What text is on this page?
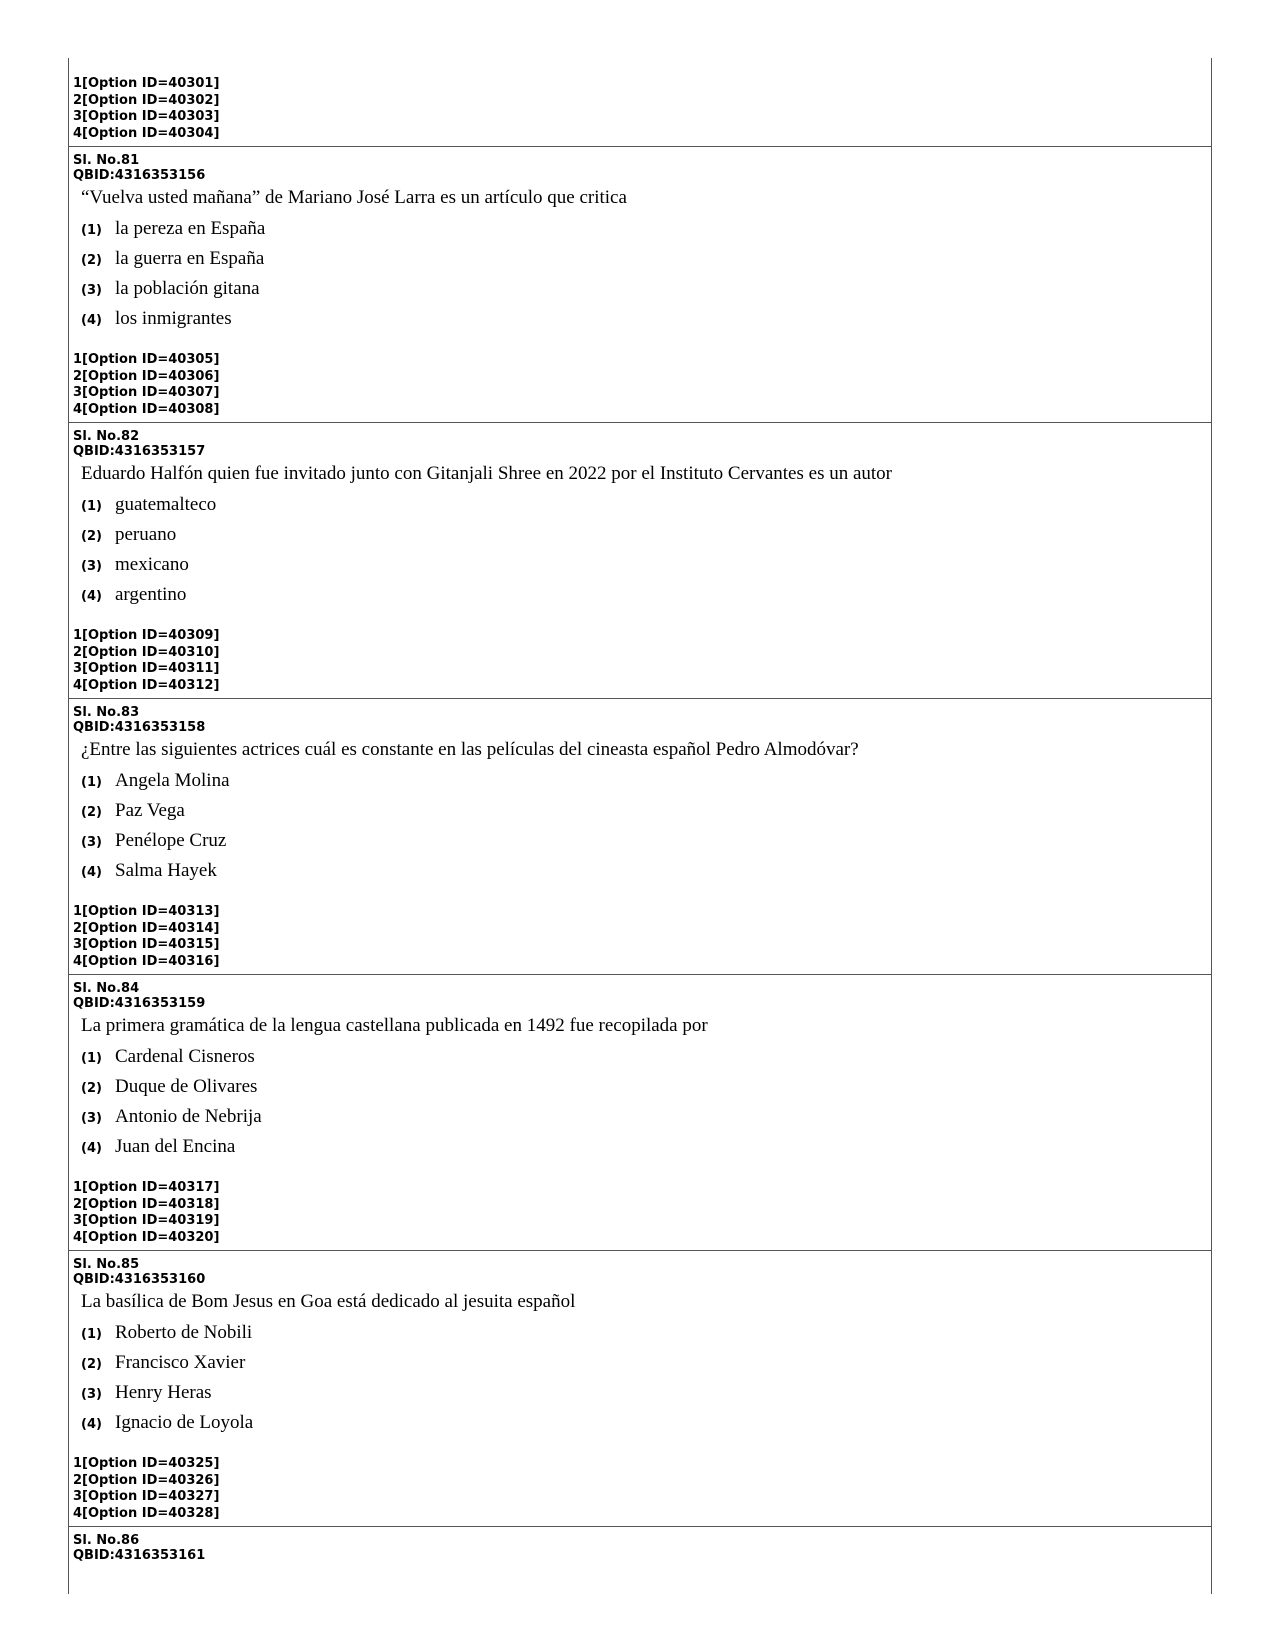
1[Option ID=40301]
2[Option ID=40302]
3[Option ID=40303]
4[Option ID=40304]
Sl. No.81
QBID:4316353156
“Vuelva usted mañana” de Mariano José Larra es un artículo que critica
(1) la pereza en España
(2) la guerra en España
(3) la población gitana
(4) los inmigrantes
1[Option ID=40305]
2[Option ID=40306]
3[Option ID=40307]
4[Option ID=40308]
Sl. No.82
QBID:4316353157
Eduardo Halfón quien fue invitado junto con Gitanjali Shree en 2022 por el Instituto Cervantes es un autor
(1) guatemalteco
(2) peruano
(3) mexicano
(4) argentino
1[Option ID=40309]
2[Option ID=40310]
3[Option ID=40311]
4[Option ID=40312]
Sl. No.83
QBID:4316353158
¿Entre las siguientes actrices cuál es constante en las películas del cineasta español Pedro Almodóvar?
(1) Angela Molina
(2) Paz Vega
(3) Penélope Cruz
(4) Salma Hayek
1[Option ID=40313]
2[Option ID=40314]
3[Option ID=40315]
4[Option ID=40316]
Sl. No.84
QBID:4316353159
La primera gramática de la lengua castellana publicada en 1492 fue recopilada por
(1) Cardenal Cisneros
(2) Duque de Olivares
(3) Antonio de Nebrija
(4) Juan del Encina
1[Option ID=40317]
2[Option ID=40318]
3[Option ID=40319]
4[Option ID=40320]
Sl. No.85
QBID:4316353160
La basílica de Bom Jesus en Goa está dedicado al jesuita español
(1) Roberto de Nobili
(2) Francisco Xavier
(3) Henry Heras
(4) Ignacio de Loyola
1[Option ID=40325]
2[Option ID=40326]
3[Option ID=40327]
4[Option ID=40328]
Sl. No.86
QBID:4316353161
